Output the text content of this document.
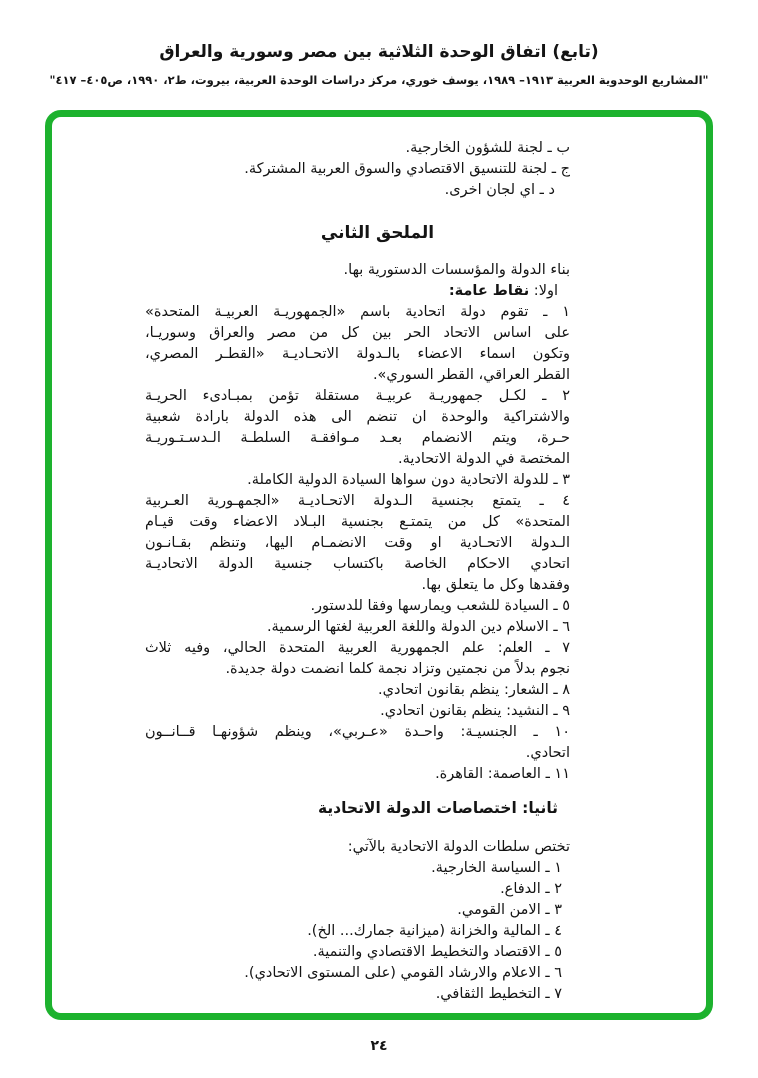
(تابع) اتفاق الوحدة الثلاثية بين مصر وسورية والعراق
"المشاريع الوحدوية العربية ١٩١٣– ١٩٨٩، يوسف خوري، مركز دراسات الوحدة العربية، بيروت، ط٢، ١٩٩٠، ص٤٠٥– ٤١٧"
ب ـ لجنة للشؤون الخارجية.
ج ـ لجنة للتنسيق الاقتصادي والسوق العربية المشتركة.
د ـ اي لجان اخرى.
الملحق الثاني
بناء الدولة والمؤسسات الدستورية بها.
اولا: نقاط عامة:
١ ـ تقوم دولة اتحادية باسم «الجمهوريـة العربيـة المتحدة»
على اساس الاتحاد الحر بين كل من مصر والعراق وسوريـا،
وتكون اسماء الاعضاء بالـدولة الاتحـاديـة «القطـر المصري،
القطر العراقي، القطر السوري».
٢ ـ لكـل جمهوريـة عربيـة مستقلة تؤمن بمبـادىء الحريـة
والاشتراكية والوحدة ان تنضم الى هذه الدولة بارادة شعبية
حـرة، ويتم الانضمام بعـد مـوافقـة السلطـة الـدسـتـوريـة
المختصة في الدولة الاتحادية.
٣ ـ للدولة الاتحادية دون سواها السيادة الدولية الكاملة.
٤ ـ يتمتع بجنسية الـدولة الاتحـاديـة «الجمهـورية العـربية
المتحدة» كل من يتمتـع بجنسية البـلاد الاعضاء وقت قيـام
الـدولة الاتحـادية او وقت الانضمـام اليها، وتنظم بقـانـون
اتحادي الاحكام الخاصة باكتساب جنسية الدولة الاتحاديـة
وفقدها وكل ما يتعلق بها.
٥ ـ السيادة للشعب ويمارسها وفقا للدستور.
٦ ـ الاسلام دين الدولة واللغة العربية لغتها الرسمية.
٧ ـ العلم: علم الجمهورية العربية المتحدة الحالي، وفيه ثلاث
نجوم بدلاً من نجمتين وتزاد نجمة كلما انضمت دولة جديدة.
٨ ـ الشعار: ينظم بقانون اتحادي.
٩ ـ النشيد: ينظم بقانون اتحادي.
١٠ ـ الجنسيـة: واحـدة «عـربي»، وينظم شؤونهـا قــانــون
اتحادي.
١١ ـ العاصمة: القاهرة.
ثانيا: اختصاصات الدولة الاتحادية
تختص سلطات الدولة الاتحادية بالآتي:
١ ـ السياسة الخارجية.
٢ ـ الدفاع.
٣ ـ الامن القومي.
٤ ـ المالية والخزانة (ميزانية جمارك... الخ).
٥ ـ الاقتصاد والتخطيط الاقتصادي والتنمية.
٦ ـ الاعلام والارشاد القومي (على المستوى الاتحادي).
٧ ـ التخطيط الثقافي.
٢٤
